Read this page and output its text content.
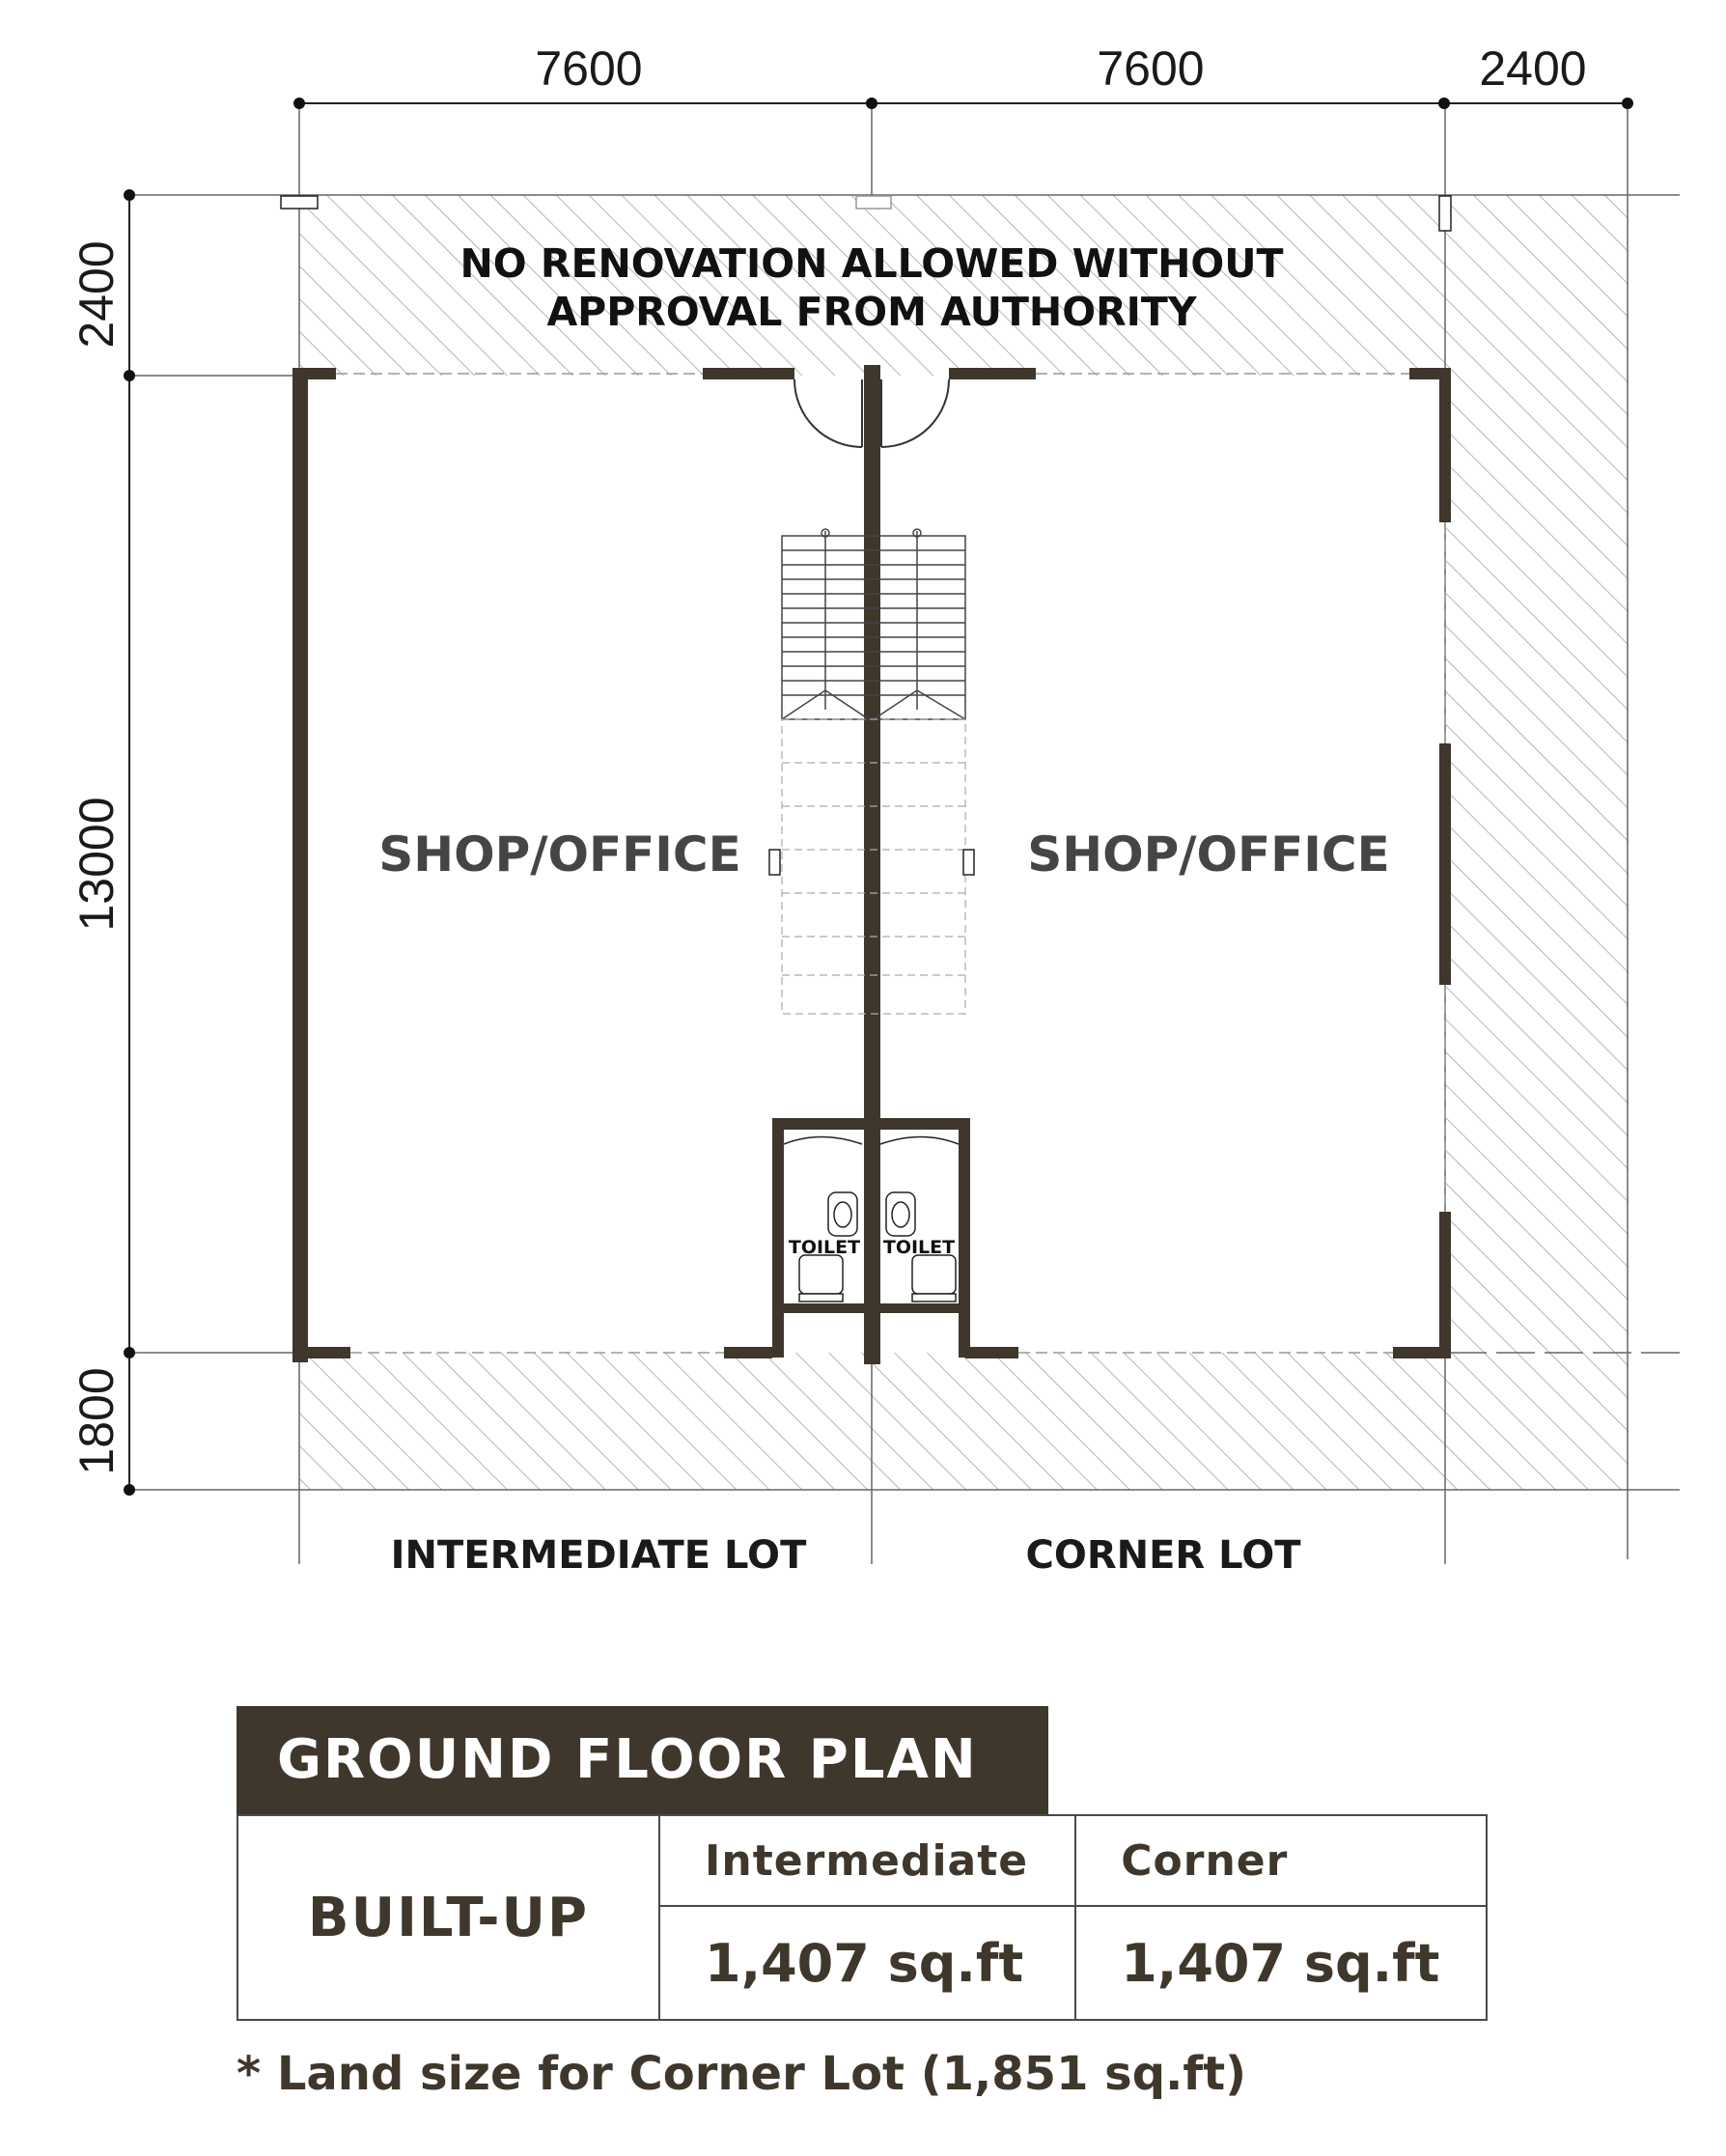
7600	7600	2400
2400
13000
1800
NO RENOVATION ALLOWED WITHOUT
APPROVAL FROM AUTHORITY
SHOP/OFFICE	SHOP/OFFICE
TOILET TOILET
INTERMEDIATE LOT	CORNER LOT
GROUND FLOOR PLAN
BUILT-UP	Intermediate	Corner
	1,407 sq.ft	1,407 sq.ft
* Land size for Corner Lot (1,851 sq.ft)
